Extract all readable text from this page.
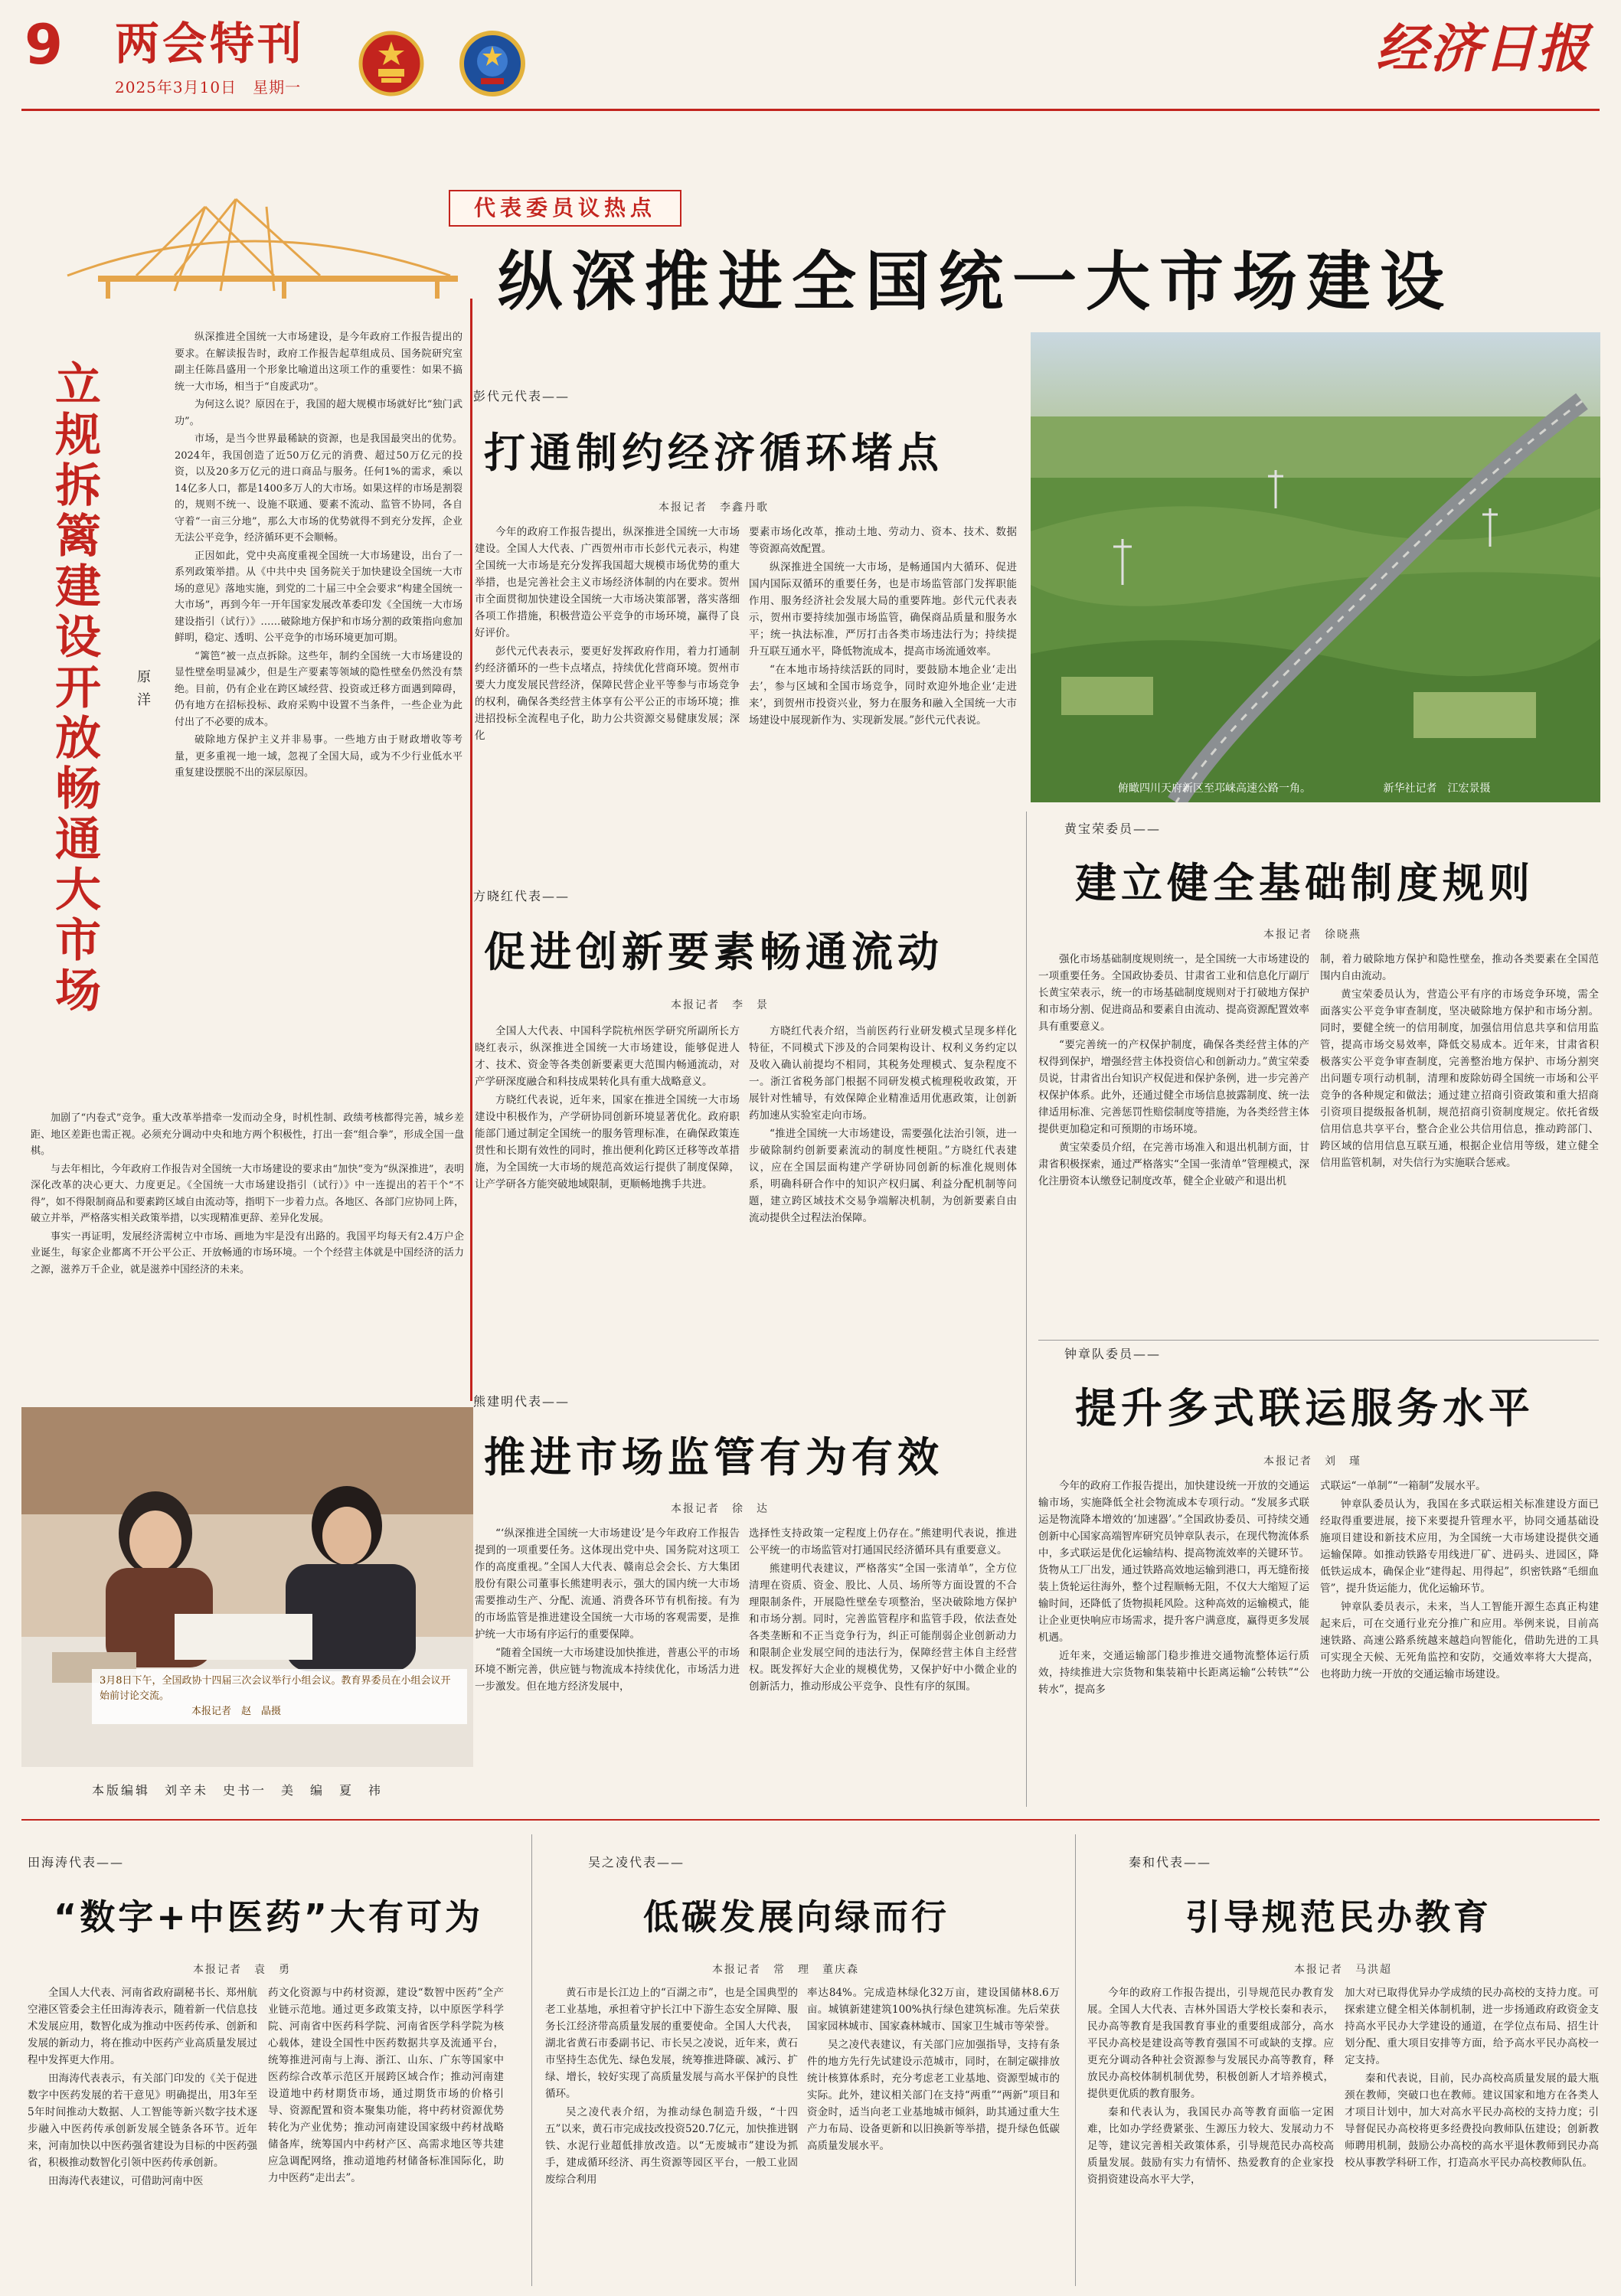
9 两会特刊
2025年3月10日　星期一
经济日报
立
规
拆
篱
建
设
开
放
畅
通
大
市
场
原
洋

纵深推进全国统一大市场建设，是今年政府工作报告提出的要求。在解读报告时，政府工作报告起草组成员、国务院研究室副主任陈昌盛用一个形象比喻道出这项工作的重要性：如果不搞统一大市场，相当于“自废武功”。

为何这么说？原因在于，我国的超大规模市场就好比“独门武功”。

市场，是当今世界最稀缺的资源，也是我国最突出的优势。2024年，我国创造了近50万亿元的消费、超过50万亿元的投资，以及20多万亿元的进口商品与服务。任何1%的需求，乘以14亿多人口，都是1400多万人的大市场。如果这样的市场是割裂的，规则不统一、设施不联通、要素不流动、监管不协同，各自守着“一亩三分地”，那么大市场的优势就得不到充分发挥，企业无法公平竞争，经济循环更不会顺畅。

正因如此，党中央高度重视全国统一大市场建设，出台了一系列政策举措。从《中共中央 国务院关于加快建设全国统一大市场的意见》落地实施，到党的二十届三中全会要求“构建全国统一大市场”，再到今年一开年国家发展改革委印发《全国统一大市场建设指引（试行）》……破除地方保护和市场分割的政策指向愈加鲜明，稳定、透明、公平竞争的市场环境更加可期。

“篱笆”被一点点拆除。这些年，制约全国统一大市场建设的显性壁垒明显减少，但是生产要素等领域的隐性壁垒仍然没有禁绝。目前，仍有企业在跨区域经营、投资或迁移方面遇到障碍，仍有地方在招标投标、政府采购中设置不当条件，一些企业为此付出了不必要的成本。

破除地方保护主义并非易事。一些地方由于财政增收等考量，更多重视一地一域，忽视了全国大局，或为不少行业低水平重复建设摆脱不出的深层原因。

加剧了“内卷式”竞争。重大改革举措牵一发而动全身，时机性制、政绩考核都得完善，城乡差距、地区差距也需正视。必须充分调动中央和地方两个积极性，打出一套“组合拳”，形成全国一盘棋。

与去年相比，今年政府工作报告对全国统一大市场建设的要求由“加快”变为“纵深推进”，表明深化改革的决心更大、力度更足。《全国统一大市场建设指引（试行）》中一连提出的若干个“不得”，如不得限制商品和要素跨区域自由流动等，指明下一步着力点。各地区、各部门应协同上阵，破立并举，严格落实相关政策举措，以实现精准更辞、差异化发展。

事实一再证明，发展经济需树立中市场、画地为牢是没有出路的。我国平均每天有2.4万户企业诞生，每家企业都离不开公平公正、开放畅通的市场环境。一个个经营主体就是中国经济的活力之源，滋养万千企业，就是滋养中国经济的未来。

3月8日下午，全国政协十四届三次会议举行小组会议。教育界委员在小组会议开始前讨论交流。
本报记者　赵　晶摄
本版编辑　刘辛未　史书一　美　编　夏　祎
代表委员议热点
纵深推进全国统一大市场建设
俯瞰四川天府新区至邛崃高速公路一角。	新华社记者　江宏景摄
彭代元代表——
打通制约经济循环堵点
本报记者　李鑫丹歌

今年的政府工作报告提出，纵深推进全国统一大市场建设。全国人大代表、广西贺州市市长彭代元表示，构建全国统一大市场是充分发挥我国超大规模市场优势的重大举措，也是完善社会主义市场经济体制的内在要求。贺州市全面贯彻加快建设全国统一大市场决策部署，落实落细各项工作措施，积极营造公平竞争的市场环境，赢得了良好评价。

彭代元代表表示，要更好发挥政府作用，着力打通制约经济循环的一些卡点堵点，持续优化营商环境。贺州市要大力度发展民营经济，保障民营企业平等参与市场竞争的权利，确保各类经营主体享有公平公正的市场环境；推进招投标全流程电子化，助力公共资源交易健康发展；深化

要素市场化改革，推动土地、劳动力、资本、技术、数据等资源高效配置。

纵深推进全国统一大市场，是畅通国内大循环、促进国内国际双循环的重要任务，也是市场监管部门发挥职能作用、服务经济社会发展大局的重要阵地。彭代元代表表示，贺州市要持续加强市场监管，确保商品质量和服务水平；统一执法标准，严厉打击各类市场违法行为；持续提升互联互通水平，降低物流成本，提高市场流通效率。

“在本地市场持续活跃的同时，要鼓励本地企业‘走出去’，参与区域和全国市场竞争，同时欢迎外地企业‘走进来’，到贺州市投资兴业，努力在服务和融入全国统一大市场建设中展现新作为、实现新发展。”彭代元代表说。

方晓红代表——
促进创新要素畅通流动
本报记者　李　景

全国人大代表、中国科学院杭州医学研究所副所长方晓红表示，纵深推进全国统一大市场建设，能够促进人才、技术、资金等各类创新要素更大范围内畅通流动，对产学研深度融合和科技成果转化具有重大战略意义。

方晓红代表说，近年来，国家在推进全国统一大市场建设中积极作为，产学研协同创新环境显著优化。政府职能部门通过制定全国统一的服务管理标准，在确保政策连贯性和长期有效性的同时，推出便利化跨区迁移等改革措施，为全国统一大市场的规范高效运行提供了制度保障，让产学研各方能突破地域限制，更顺畅地携手共进。

方晓红代表介绍，当前医药行业研发模式呈现多样化特征，不同模式下涉及的合同架构设计、权利义务约定以及收入确认前提均不相同，其税务处理模式、复杂程度不一。浙江省税务部门根据不同研发模式梳理税收政策，开展针对性辅导，有效保障企业精准适用优惠政策，让创新药加速从实验室走向市场。

“推进全国统一大市场建设，需要强化法治引领，进一步破除制约创新要素流动的制度性梗阻。”方晓红代表建议，应在全国层面构建产学研协同创新的标准化规则体系，明确科研合作中的知识产权归属、利益分配机制等问题，建立跨区域技术交易争端解决机制，为创新要素自由流动提供全过程法治保障。

熊建明代表——
推进市场监管有为有效
本报记者　徐　达

“‘纵深推进全国统一大市场建设’是今年政府工作报告提到的一项重要任务。这体现出党中央、国务院对这项工作的高度重视。”全国人大代表、赣南总会会长、方大集团股份有限公司董事长熊建明表示，强大的国内统一大市场需要推动生产、分配、流通、消费各环节有机衔接。有为的市场监管是推进建设全国统一大市场的客观需要，是推护统一大市场有序运行的重要保障。

“随着全国统一大市场建设加快推进，普惠公平的市场环境不断完善，供应链与物流成本持续优化，市场活力进一步激发。但在地方经济发展中，

选择性支持政策一定程度上仍存在。”熊建明代表说，推进公平统一的市场监管对打通国民经济循环具有重要意义。

熊建明代表建议，严格落实“全国一张清单”，全方位清理在资质、资金、股比、人员、场所等方面设置的不合理限制条件，开展隐性壁垒专项整治，坚决破除地方保护和市场分割。同时，完善监管程序和监管手段，依法查处各类垄断和不正当竞争行为，纠正可能削弱企业创新动力和限制企业发展空间的违法行为，保障经营主体自主经营权。既发挥好大企业的规模优势，又保护好中小微企业的创新活力，推动形成公平竞争、良性有序的氛围。

黄宝荣委员——
建立健全基础制度规则
本报记者　徐晓燕

强化市场基础制度规则统一，是全国统一大市场建设的一项重要任务。全国政协委员、甘肃省工业和信息化厅副厅长黄宝荣表示，统一的市场基础制度规则对于打破地方保护和市场分割、促进商品和要素自由流动、提高资源配置效率具有重要意义。

“要完善统一的产权保护制度，确保各类经营主体的产权得到保护，增强经营主体投资信心和创新动力。”黄宝荣委员说，甘肃省出台知识产权促进和保护条例，进一步完善产权保护体系。此外，还通过健全市场信息披露制度、统一法律适用标准、完善惩罚性赔偿制度等措施，为各类经营主体提供更加稳定和可预期的市场环境。

黄宝荣委员介绍，在完善市场准入和退出机制方面，甘肃省积极探索，通过严格落实“全国一张清单”管理模式，深化注册资本认缴登记制度改革，健全企业破产和退出机

制，着力破除地方保护和隐性壁垒，推动各类要素在全国范围内自由流动。

黄宝荣委员认为，营造公平有序的市场竞争环境，需全面落实公平竞争审查制度，坚决破除地方保护和市场分割。同时，要健全统一的信用制度，加强信用信息共享和信用监管，提高市场交易效率，降低交易成本。近年来，甘肃省积极落实公平竞争审查制度，完善整治地方保护、市场分割突出问题专项行动机制，清理和废除妨碍全国统一市场和公平竞争的各种规定和做法；通过建立招商引资政策和重大招商引资项目提级报备机制，规范招商引资制度规定。依托省级信用信息共享平台，整合企业公共信用信息，推动跨部门、跨区域的信用信息互联互通，根据企业信用等级，建立健全信用监管机制，对失信行为实施联合惩戒。

钟章队委员——
提升多式联运服务水平
本报记者　刘　瑾

今年的政府工作报告提出，加快建设统一开放的交通运输市场，实施降低全社会物流成本专项行动。“发展多式联运是物流降本增效的‘加速器’。”全国政协委员、可持续交通创新中心国家高端智库研究员钟章队表示，在现代物流体系中，多式联运是优化运输结构、提高物流效率的关键环节。货物从工厂出发，通过铁路高效地运输到港口，再无缝衔接装上货轮运往海外，整个过程顺畅无阻，不仅大大缩短了运输时间，还降低了货物损耗风险。这种高效的运输模式，能让企业更快响应市场需求，提升客户满意度，赢得更多发展机遇。

近年来，交通运输部门稳步推进交通物流整体运行质效，持续推进大宗货物和集装箱中长距离运输“公转铁”“公转水”，提高多

式联运“一单制”“一箱制”发展水平。

钟章队委员认为，我国在多式联运相关标准建设方面已经取得重要进展，接下来要提升管理水平，协同交通基础设施项目建设和新技术应用，为全国统一大市场建设提供交通运输保障。如推动铁路专用线进厂矿、进码头、进园区，降低铁运成本，确保企业“建得起、用得起”，织密铁路“毛细血管”，提升货运能力，优化运输环节。

钟章队委员表示，未来，当人工智能开源生态真正构建起来后，可在交通行业充分推广和应用。举例来说，目前高速铁路、高速公路系统越来越趋向智能化，借助先进的工具可实现全天候、无死角监控和安防，交通效率将大大提高，也将助力统一开放的交通运输市场建设。

田海涛代表——
“数字+中医药”大有可为
本报记者　袁　勇

全国人大代表、河南省政府副秘书长、郑州航空港区管委会主任田海涛表示，随着新一代信息技术发展应用，数智化成为推动中医药传承、创新和发展的新动力，将在推动中医药产业高质量发展过程中发挥更大作用。

田海涛代表表示，有关部门印发的《关于促进数字中医药发展的若干意见》明确提出，用3年至5年时间推动大数据、人工智能等新兴数字技术逐步融入中医药传承创新发展全链条各环节。近年来，河南加快以中医药强省建设为目标的中医药强省，积极推动数智化引领中医药传承创新。

田海涛代表建议，可借助河南中医

药文化资源与中药材资源，建设“数智中医药”全产业链示范地。通过更多政策支持，以中原医学科学院、河南省中医药科学院、河南省医学科学院为核心载体，建设全国性中医药数据共享及流通平台，统筹推进河南与上海、浙江、山东、广东等国家中医药综合改革示范区开展跨区域合作；推动河南建设道地中药材期货市场，通过期货市场的价格引导、资源配置和资本聚集功能，将中药材资源优势转化为产业优势；推动河南建设国家级中药材战略储备库，统筹国内中药材产区、高需求地区等共建应急调配网络，推动道地药材储备标准国际化，助力中医药“走出去”。

吴之凌代表——
低碳发展向绿而行
本报记者　常　理　董庆森

黄石市是长江边上的“百湖之市”，也是全国典型的老工业基地，承担着守护长江中下游生态安全屏障、服务长江经济带高质量发展的重要使命。全国人大代表，湖北省黄石市委副书记、市长吴之凌说，近年来，黄石市坚持生态优先、绿色发展，统筹推进降碳、减污、扩绿、增长，较好实现了高质量发展与高水平保护的良性循环。

吴之凌代表介绍，为推动绿色制造升级，“十四五”以来，黄石市完成技改投资520.7亿元，加快推进钢铁、水泥行业超低排放改造。以“无废城市”建设为抓手，建成循环经济、再生资源等园区平台，一般工业固废综合利用

率达84%。完成造林绿化32万亩，建设国储林8.6万亩。城镇新建建筑100%执行绿色建筑标准。先后荣获国家园林城市、国家森林城市、国家卫生城市等荣誉。

吴之凌代表建议，有关部门应加强指导，支持有条件的地方先行先试建设示范城市，同时，在制定碳排放统计核算体系时，充分考虑老工业基地、资源型城市的实际。此外，建议相关部门在支持“两重”“两新”项目和资金时，适当向老工业基地城市倾斜，助其通过重大生产力布局、设备更新和以旧换新等举措，提升绿色低碳高质量发展水平。

秦和代表——
引导规范民办教育
本报记者　马洪超

今年的政府工作报告提出，引导规范民办教育发展。全国人大代表、吉林外国语大学校长秦和表示，民办高等教育是我国教育事业的重要组成部分，高水平民办高校是建设高等教育强国不可或缺的支撑。应更充分调动各种社会资源参与发展民办高等教育，释放民办高校体制机制优势，积极创新人才培养模式，提供更优质的教育服务。

秦和代表认为，我国民办高等教育面临一定困难，比如办学经费紧张、生源压力较大、发展动力不足等，建议完善相关政策体系，引导规范民办高校高质量发展。鼓励有实力有情怀、热爱教育的企业家投资捐资建设高水平大学，

加大对已取得优异办学成绩的民办高校的支持力度。可探索建立健全相关体制机制，进一步扬通政府政资金支持高水平民办大学建设的通道，在学位点布局、招生计划分配、重大项目安排等方面，给予高水平民办高校一定支持。

秦和代表说，目前，民办高校高质量发展的最大瓶颈在教师，突破口也在教师。建议国家和地方在各类人才项目计划中，加大对高水平民办高校的支持力度；引导督促民办高校将更多经费投向教师队伍建设；创新教师聘用机制，鼓励公办高校的高水平退休教师到民办高校从事教学科研工作，打造高水平民办高校教师队伍。
